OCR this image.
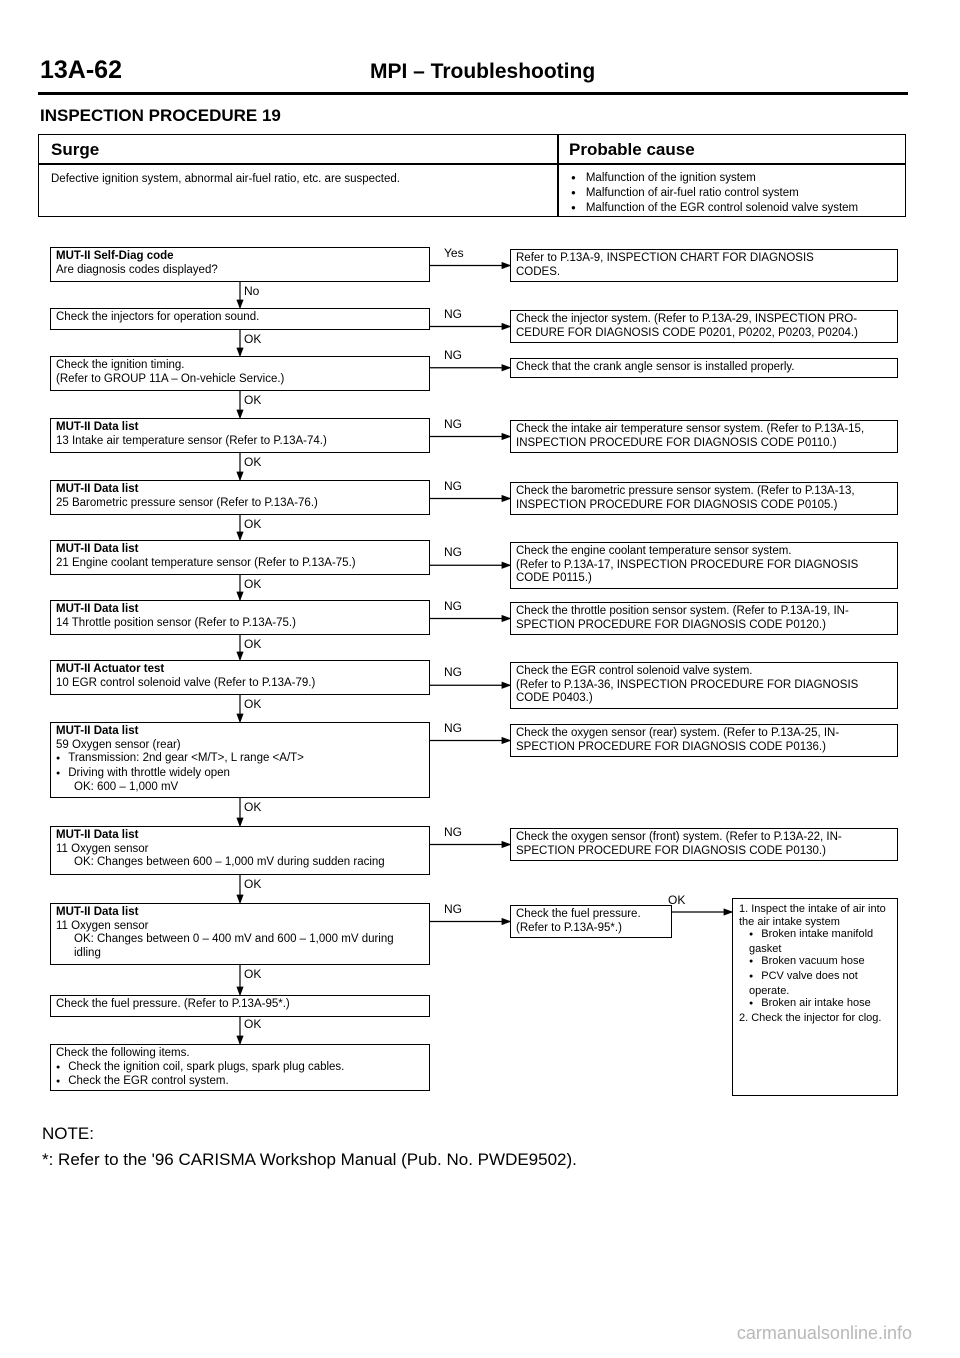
13A-62	MPI – Troubleshooting
INSPECTION PROCEDURE 19
Surge	Probable cause
Defective ignition system, abnormal air-fuel ratio, etc. are suspected.
●	Malfunction of the ignition system
● Malfunction of air-fuel ratio control system
● Malfunction of the EGR control solenoid valve system
MUT-II Self-Diag code
Are diagnosis codes displayed?
Refer to P.13A-9, INSPECTION CHART FOR DIAGNOSIS
CODES.
Yes
No
Check the injectors for operation sound.	Check the injector system. (Refer to P.13A-29, INSPECTION PRO-
CEDURE FOR DIAGNOSIS CODE P0201, P0202, P0203, P0204.)
NG
OK
Check the ignition timing.
(Refer to GROUP 11A – On-vehicle Service.)
Check that the crank angle sensor is installed properly.
NG
OK
MUT-II Data list
13 Intake air temperature sensor (Refer to P.13A-74.)
Check the intake air temperature sensor system. (Refer to P.13A-15,
INSPECTION PROCEDURE FOR DIAGNOSIS CODE P0110.)
NG
OK
MUT-II Data list
25 Barometric pressure sensor (Refer to P.13A-76.)
Check the barometric pressure sensor system. (Refer to P.13A-13,
INSPECTION PROCEDURE FOR DIAGNOSIS CODE P0105.)
NG
OK
MUT-II Data list
21 Engine coolant temperature sensor (Refer to P.13A-75.)
Check the engine coolant temperature sensor system.
(Refer to P.13A-17, INSPECTION PROCEDURE FOR DIAGNOSIS
CODE P0115.)
NG
OK
MUT-II Data list
14 Throttle position sensor (Refer to P.13A-75.)
Check the throttle position sensor system. (Refer to P.13A-19, IN-
SPECTION PROCEDURE FOR DIAGNOSIS CODE P0120.)
NG
OK
MUT-II Actuator test
10 EGR control solenoid valve (Refer to P.13A-79.)
Check the EGR control solenoid valve system.
(Refer to P.13A-36, INSPECTION PROCEDURE FOR DIAGNOSIS
CODE P0403.)
NG
OK
MUT-II Data list
59 Oxygen sensor (rear)
● Transmission: 2nd gear <M/T>, L range <A/T>
● Driving with throttle widely open
OK: 600 – 1,000 mV
Check the oxygen sensor (rear) system. (Refer to P.13A-25, IN-
SPECTION PROCEDURE FOR DIAGNOSIS CODE P0136.)
NG
OK
MUT-II Data list
11 Oxygen sensor
OK: Changes between 600 – 1,000 mV during sudden racing
Check the oxygen sensor (front) system. (Refer to P.13A-22, IN-
SPECTION PROCEDURE FOR DIAGNOSIS CODE P0130.)
NG
OK
MUT-II Data list
11 Oxygen sensor
OK: Changes between 0 – 400 mV and 600 – 1,000 mV during
idling
Check the fuel pressure.
(Refer to P.13A-95*.)
NG
OK
1. Inspect the intake of air into the air intake system
● Broken intake manifold gasket
● Broken vacuum hose
● PCV valve does not operate.
● Broken air intake hose
2. Check the injector for clog.
OK
Check the fuel pressure. (Refer to P.13A-95*.)
OK
Check the following items.
● Check the ignition coil, spark plugs, spark plug cables.
● Check the EGR control system.
NOTE:
*: Refer to the '96 CARISMA Workshop Manual (Pub. No. PWDE9502).
carmanualsonline.info
